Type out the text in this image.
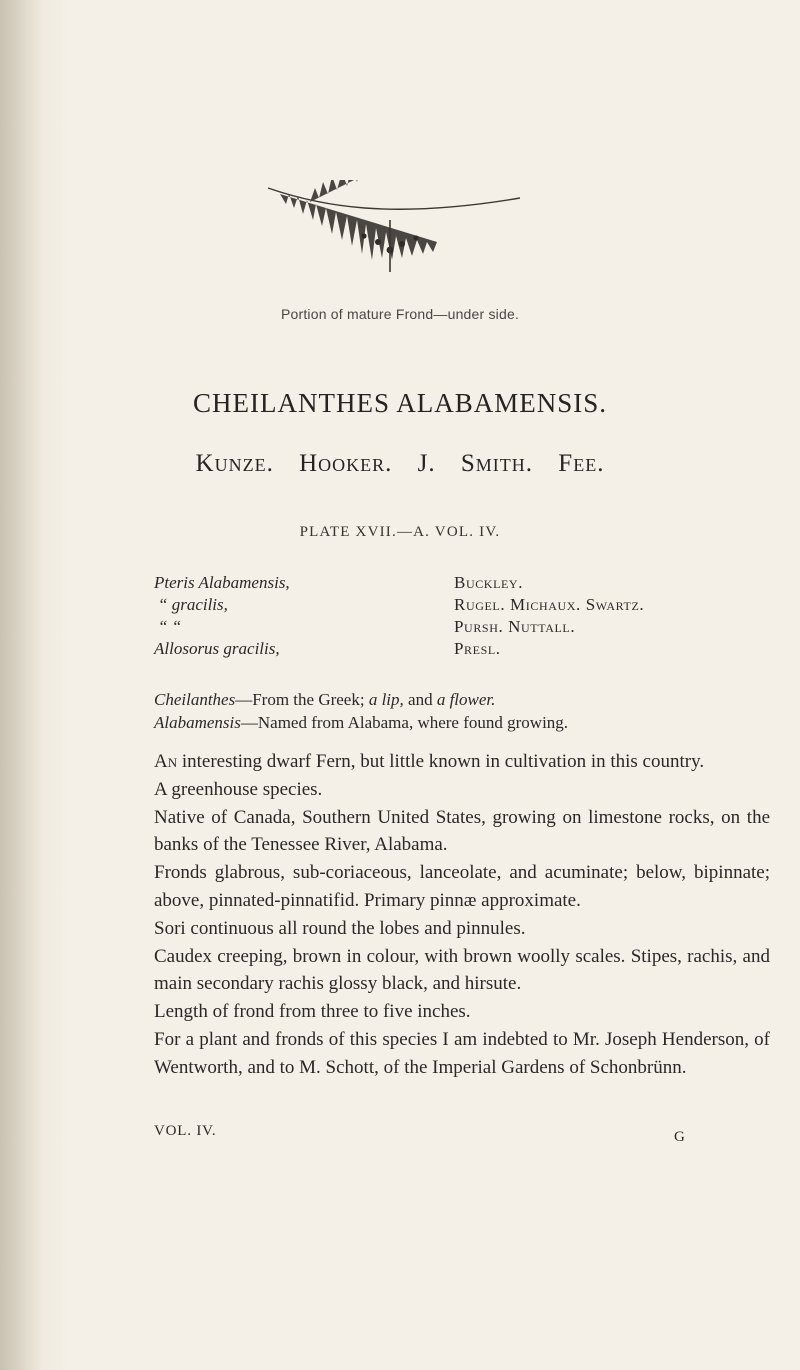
Portion of mature Frond—under side.
CHEILANTHES ALABAMENSIS.
Kunze. Hooker. J. Smith. Fee.
PLATE XVII.—A. VOL. IV.
Pteris Alabamensis,	Buckley.
“ gracilis,	Rugel. Michaux. Swartz.
“ “	Pursh. Nuttall.
Allosorus gracilis,	Presl.
Cheilanthes—From the Greek; a lip, and a flower.
Alabamensis—Named from Alabama, where found growing.

An interesting dwarf Fern, but little known in cultivation in this country.

A greenhouse species.

Native of Canada, Southern United States, growing on limestone rocks, on the banks of the Tenessee River, Alabama.

Fronds glabrous, sub-coriaceous, lanceolate, and acuminate; below, bipinnate; above, pinnated-pinnatifid. Primary pinnæ approximate.

Sori continuous all round the lobes and pinnules.

Caudex creeping, brown in colour, with brown woolly scales. Stipes, rachis, and main secondary rachis glossy black, and hirsute.

Length of frond from three to five inches.

For a plant and fronds of this species I am indebted to Mr. Joseph Henderson, of Wentworth, and to M. Schott, of the Imperial Gardens of Schonbrünn.

VOL. IV.	G
